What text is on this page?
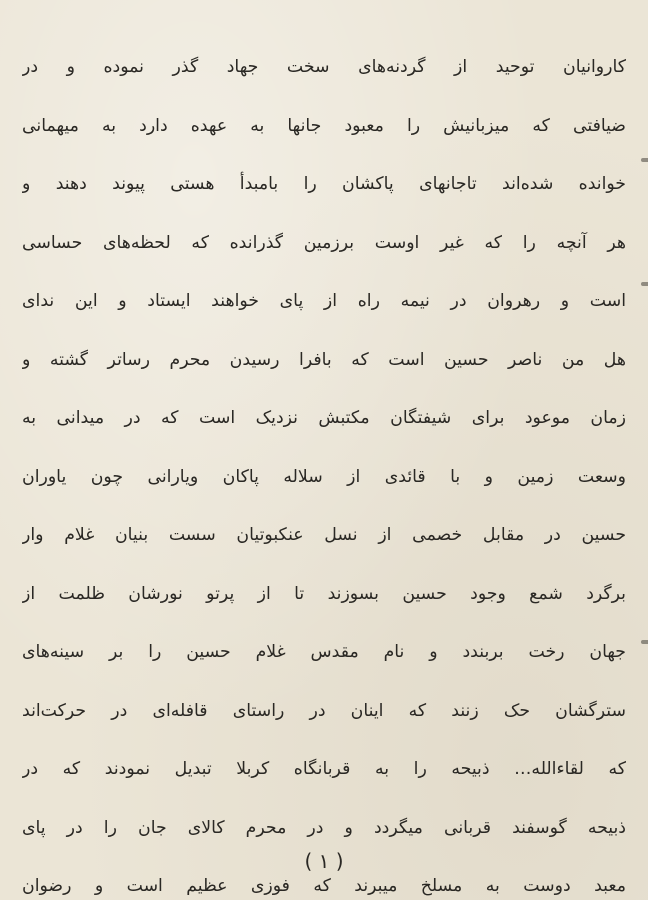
کاروانیان توحید از گردنه‌های سخت جهاد گذر نموده و در
ضیافتی که میزبانیش را معبود جانها به عهده دارد به میهمانی
خوانده شده‌اند تاجانهای پاکشان را بامبدأ هستی پیوند دهند و
هر آنچه را که غیر اوست برزمین گذرانده که لحظه‌های حساسی
است و رهروان در نیمه راه از پای خواهند ایستاد و این ندای
هل من ناصر حسین است که بافرا رسیدن محرم رساتر گشته و
زمان موعود برای شیفتگان مکتبش نزدیک است که در میدانی به
وسعت زمین و با قائدی از سلاله پاکان ویارانی چون یاوران
حسین در مقابل خصمی از نسل عنکبوتیان سست بنیان غلام وار
برگرد شمع وجود حسین بسوزند تا از پرتو نورشان ظلمت از
جهان رخت بربندد و نام مقدس غلام حسین را بر سینه‌های
سترگشان حک زنند که اینان در راستای قافله‌ای در حرکت‌اند
که لقاءالله… ذبیحه را به قربانگاه کربلا تبدیل نمودند که در
ذبیحه گوسفند قربانی میگردد و در محرم کالای جان را در پای
معبد دوست به مسلخ میبرند که فوزی عظیم است و رضوان
( ۱ )
